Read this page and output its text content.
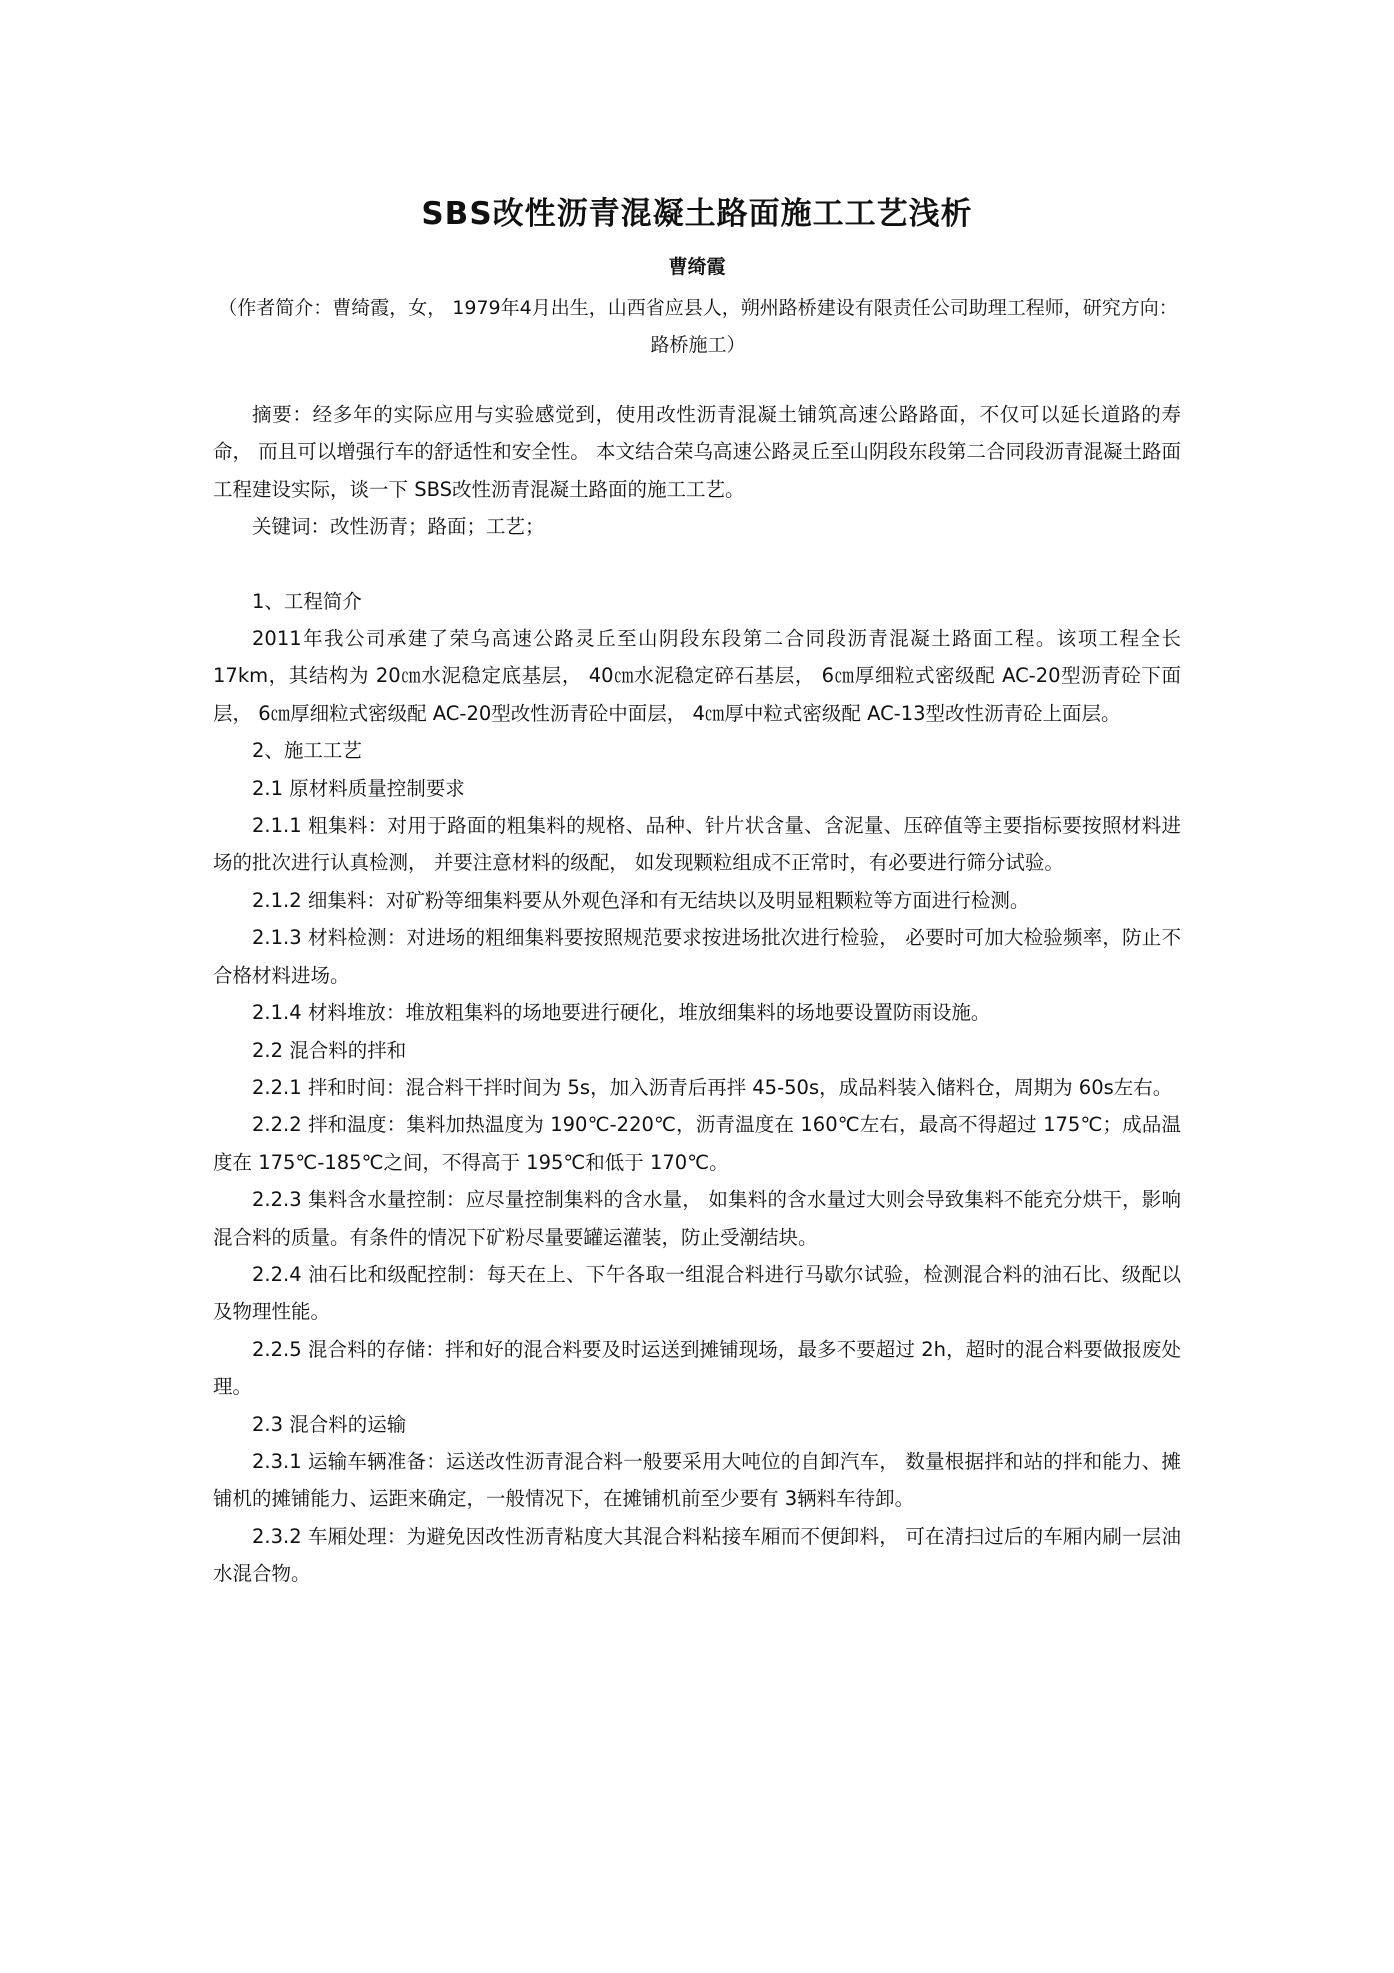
SBS改性沥青混凝土路面施工工艺浅析
曹绮霞
（作者简介：曹绮霞，女， 1979年4月出生，山西省应县人，朔州路桥建设有限责任公司助理工程师，研究方向：路桥施工）

摘要：经多年的实际应用与实验感觉到，使用改性沥青混凝土铺筑高速公路路面，不仅可以延长道路的寿命， 而且可以增强行车的舒适性和安全性。 本文结合荣乌高速公路灵丘至山阴段东段第二合同段沥青混凝土路面工程建设实际，谈一下 SBS改性沥青混凝土路面的施工工艺。

关键词：改性沥青；路面；工艺；

1、工程简介

2011年我公司承建了荣乌高速公路灵丘至山阴段东段第二合同段沥青混凝土路面工程。该项工程全长 17km，其结构为 20㎝水泥稳定底基层， 40㎝水泥稳定碎石基层， 6㎝厚细粒式密级配 AC-20型沥青砼下面层， 6㎝厚细粒式密级配 AC-20型改性沥青砼中面层， 4㎝厚中粒式密级配 AC-13型改性沥青砼上面层。

2、施工工艺

2.1 原材料质量控制要求

2.1.1 粗集料：对用于路面的粗集料的规格、品种、针片状含量、含泥量、压碎值等主要指标要按照材料进场的批次进行认真检测， 并要注意材料的级配， 如发现颗粒组成不正常时，有必要进行筛分试验。

2.1.2 细集料：对矿粉等细集料要从外观色泽和有无结块以及明显粗颗粒等方面进行检测。

2.1.3 材料检测：对进场的粗细集料要按照规范要求按进场批次进行检验， 必要时可加大检验频率，防止不合格材料进场。

2.1.4 材料堆放：堆放粗集料的场地要进行硬化，堆放细集料的场地要设置防雨设施。

2.2 混合料的拌和

2.2.1 拌和时间：混合料干拌时间为 5s，加入沥青后再拌 45-50s，成品料装入储料仓，周期为 60s左右。

2.2.2 拌和温度：集料加热温度为 190℃-220℃，沥青温度在 160℃左右，最高不得超过 175℃；成品温度在 175℃-185℃之间，不得高于 195℃和低于 170℃。

2.2.3 集料含水量控制：应尽量控制集料的含水量， 如集料的含水量过大则会导致集料不能充分烘干，影响混合料的质量。有条件的情况下矿粉尽量要罐运灌装，防止受潮结块。

2.2.4 油石比和级配控制：每天在上、下午各取一组混合料进行马歇尔试验，检测混合料的油石比、级配以及物理性能。

2.2.5 混合料的存储：拌和好的混合料要及时运送到摊铺现场，最多不要超过 2h，超时的混合料要做报废处理。

2.3 混合料的运输

2.3.1 运输车辆准备：运送改性沥青混合料一般要采用大吨位的自卸汽车， 数量根据拌和站的拌和能力、摊铺机的摊铺能力、运距来确定，一般情况下，在摊铺机前至少要有 3辆料车待卸。

2.3.2 车厢处理：为避免因改性沥青粘度大其混合料粘接车厢而不便卸料， 可在清扫过后的车厢内刷一层油水混合物。
